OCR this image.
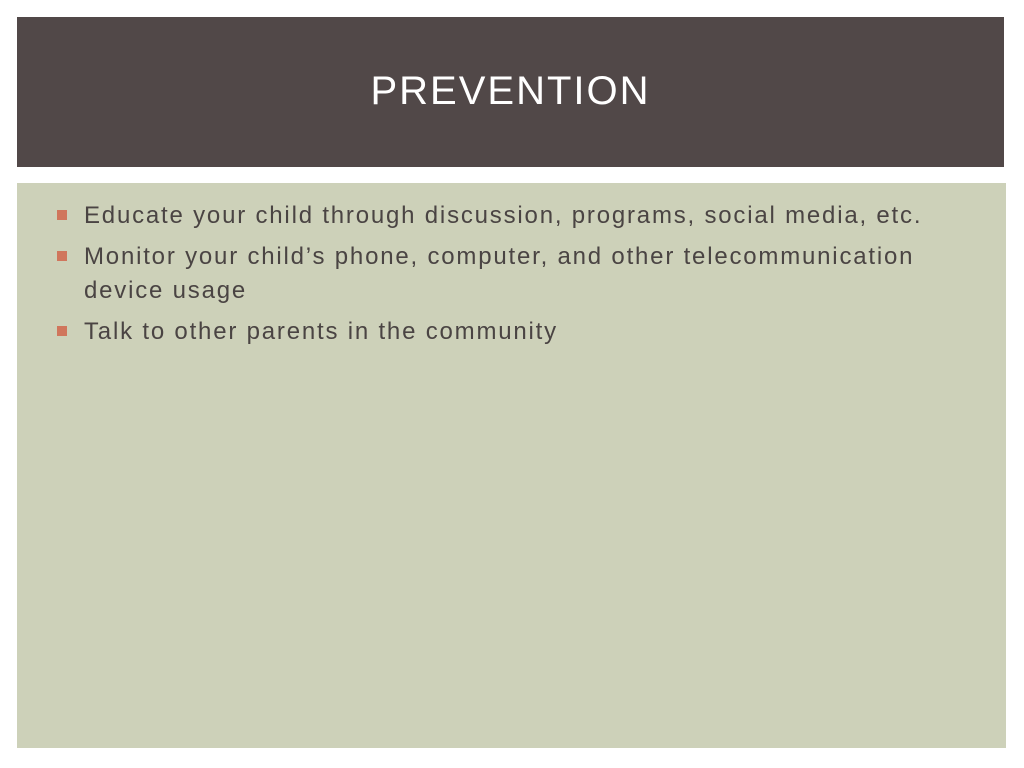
PREVENTION
Educate your child through discussion, programs, social media, etc.
Monitor your child’s phone, computer, and other telecommunication device usage
Talk to other parents in the community
